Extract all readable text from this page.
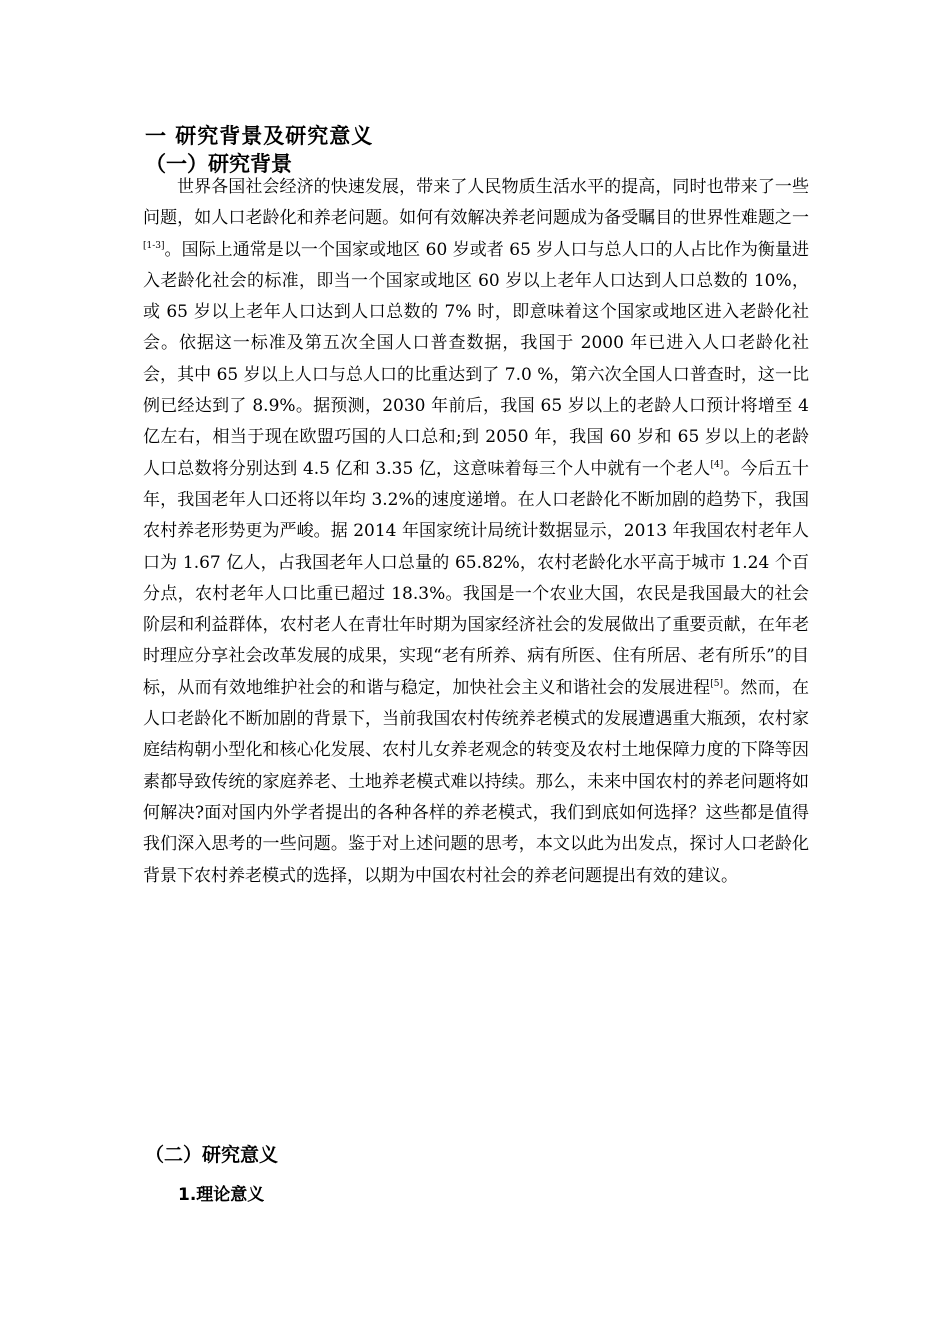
一 研究背景及研究意义
（一）研究背景

世界各国社会经济的快速发展，带来了人民物质生活水平的提高，同时也带来了一些问题，如人口老龄化和养老问题。如何有效解决养老问题成为备受瞩目的世界性难题之一[1-3]。国际上通常是以一个国家或地区 60 岁或者 65 岁人口与总人口的人占比作为衡量进入老龄化社会的标准，即当一个国家或地区 60 岁以上老年人口达到人口总数的 10%，或 65 岁以上老年人口达到人口总数的 7% 时，即意味着这个国家或地区进入老龄化社会。依据这一标准及第五次全国人口普查数据，我国于 2000 年已进入人口老龄化社会，其中 65 岁以上人口与总人口的比重达到了 7.0 %，第六次全国人口普查时，这一比例已经达到了 8.9%。据预测，2030 年前后，我国 65 岁以上的老龄人口预计将增至 4 亿左右，相当于现在欧盟巧国的人口总和;到 2050 年，我国 60 岁和 65 岁以上的老龄人口总数将分别达到 4.5 亿和 3.35 亿，这意味着每三个人中就有一个老人[4]。今后五十年，我国老年人口还将以年均 3.2%的速度递增。在人口老龄化不断加剧的趋势下，我国农村养老形势更为严峻。据 2014 年国家统计局统计数据显示，2013 年我国农村老年人口为 1.67 亿人，占我国老年人口总量的 65.82%，农村老龄化水平高于城市 1.24 个百分点，农村老年人口比重已超过 18.3%。我国是一个农业大国，农民是我国最大的社会阶层和利益群体，农村老人在青壮年时期为国家经济社会的发展做出了重要贡献，在年老时理应分享社会改革发展的成果，实现“老有所养、病有所医、住有所居、老有所乐”的目标，从而有效地维护社会的和谐与稳定，加快社会主义和谐社会的发展进程[5]。然而，在人口老龄化不断加剧的背景下，当前我国农村传统养老模式的发展遭遇重大瓶颈，农村家庭结构朝小型化和核心化发展、农村儿女养老观念的转变及农村土地保障力度的下降等因素都导致传统的家庭养老、土地养老模式难以持续。那么，未来中国农村的养老问题将如何解决?面对国内外学者提出的各种各样的养老模式，我们到底如何选择？这些都是值得我们深入思考的一些问题。鉴于对上述问题的思考，本文以此为出发点，探讨人口老龄化背景下农村养老模式的选择，以期为中国农村社会的养老问题提出有效的建议。

（二）研究意义
1.理论意义
